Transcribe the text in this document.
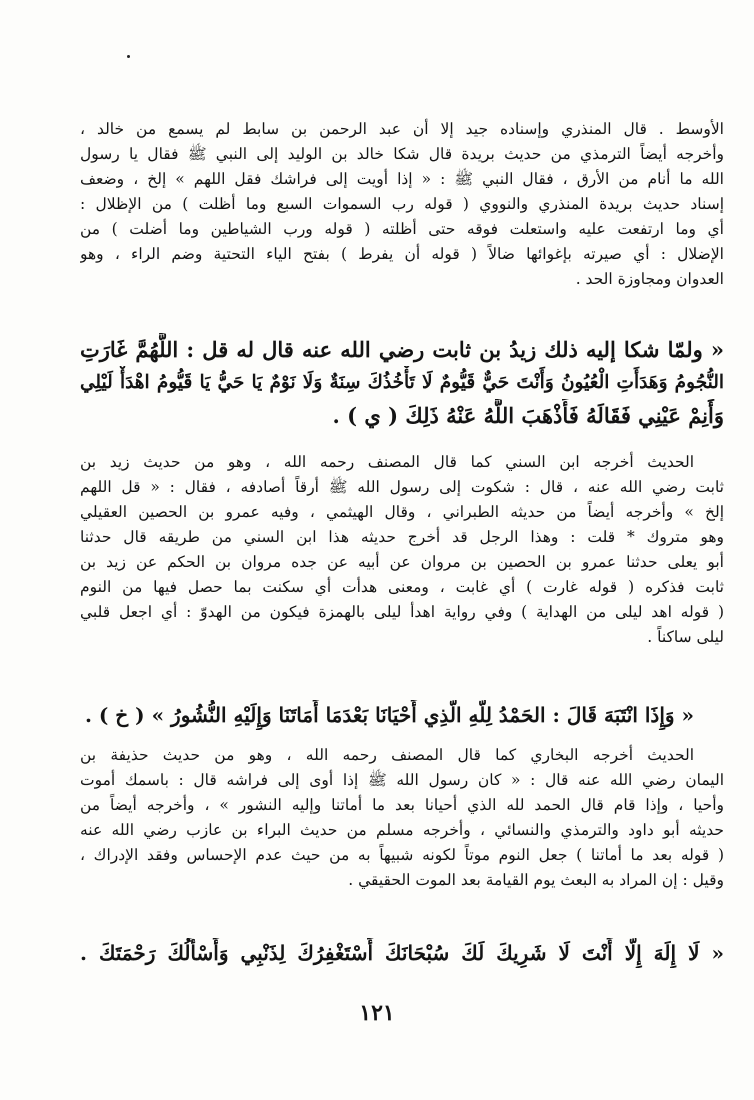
الأوسط . قال المنذري وإسناده جيد إلا أن عبد الرحمن بن سابط لم يسمع من خالد ،
وأخرجه أيضاً الترمذي من حديث بريدة قال شكا خالد بن الوليد إلى النبي ﷺ فقال يا رسول
الله ما أنام من الأرق ، فقال النبي ﷺ : « إذا أويت إلى فراشك فقل اللهم » إلخ ، وضعف
إسناد حديث بريدة المنذري والنووي ( قوله رب السموات السبع وما أظلت ) من الإظلال :
أي وما ارتفعت عليه واستعلت فوقه حتى أظلته ( قوله ورب الشياطين وما أضلت ) من
الإضلال : أي صيرته بإغوائها ضالاً ( قوله أن يفرط ) بفتح الياء التحتية وضم الراء ، وهو
العدوان ومجاوزة الحد .
« ولمّا شكا إليه ذلك زيدُ بن ثابت رضي الله عنه قال له قل : اللَّهُمَّ غَارَتِ
النُّجُومُ وَهَدَأَتِ الْعُيُونُ وَأَنْتَ حَيٌّ قَيُّومٌ لَا تَأْخُذُكَ سِنَةٌ وَلَا نَوْمٌ يَا حَيُّ يَا قَيُّومُ اهْدَأْ لَيْلِي
وَأَنِمْ عَيْنِي فَقَالَهُ فَأَذْهَبَ اللَّهُ عَنْهُ ذَلِكَ ( ي ) .
الحديث أخرجه ابن السني كما قال المصنف رحمه الله ، وهو من حديث زيد بن
ثابت رضي الله عنه ، قال : شكوت إلى رسول الله ﷺ أرقاً أصادفه ، فقال : « قل اللهم
إلخ » وأخرجه أيضاً من حديثه الطبراني ، وقال الهيثمي ، وفيه عمرو بن الحصين العقيلي
وهو متروك * قلت : وهذا الرجل قد أخرج حديثه هذا ابن السني من طريقه قال حدثنا
أبو يعلى حدثنا عمرو بن الحصين بن مروان عن أبيه عن جده مروان بن الحكم عن زيد بن
ثابت فذكره ( قوله غارت ) أي غابت ، ومعنى هدأت أي سكنت بما حصل فيها من النوم
( قوله اهد ليلى من الهداية ) وفي رواية اهدأ ليلى بالهمزة فيكون من الهدوّ : أي اجعل قلبي
ليلى ساكناً .
« وَإِذَا انْتَبَهَ قَالَ : الحَمْدُ لِلَّهِ الَّذِي أَحْيَانَا بَعْدَمَا أَمَاتَنَا وَإِلَيْهِ النُّشُورُ » ( خ ) .
الحديث أخرجه البخاري كما قال المصنف رحمه الله ، وهو من حديث حذيفة بن
اليمان رضي الله عنه قال : « كان رسول الله ﷺ إذا أوى إلى فراشه قال : باسمك أموت
وأحيا ، وإذا قام قال الحمد لله الذي أحيانا بعد ما أماتنا وإليه النشور » ، وأخرجه أيضاً من
حديثه أبو داود والترمذي والنسائي ، وأخرجه مسلم من حديث البراء بن عازب رضي الله عنه
( قوله بعد ما أماتنا ) جعل النوم موتاً لكونه شبيهاً به من حيث عدم الإحساس وفقد الإدراك ،
وقيل : إن المراد به البعث يوم القيامة بعد الموت الحقيقي .
« لَا إِلَهَ إِلَّا أَنْتَ لَا شَرِيكَ لَكَ سُبْحَانَكَ أَسْتَغْفِرُكَ لِذَنْبِي وَأَسْأَلُكَ رَحْمَتَكَ .
١٢١
